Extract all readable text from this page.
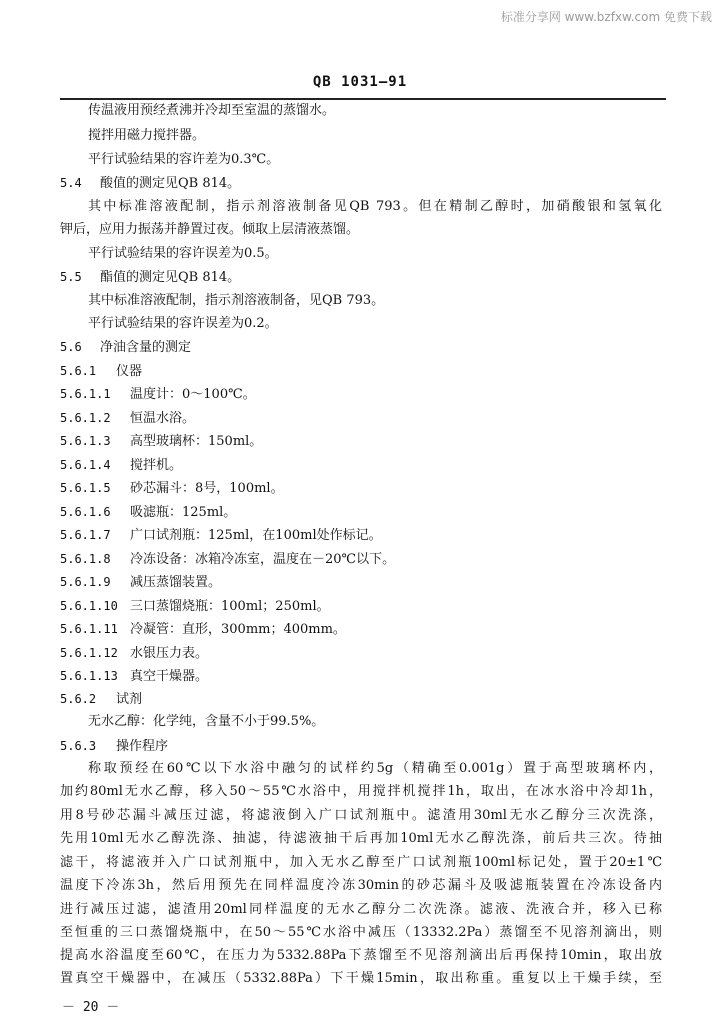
标准分享网 www.bzfxw.com 免费下载
QB 1031—91
传温液用预经煮沸并冷却至室温的蒸馏水。
搅拌用磁力搅拌器。
平行试验结果的容许差为0.3℃。
5.4 酸值的测定见QB 814。
其中标准溶液配制，指示剂溶液制备见QB 793。但在精制乙醇时，加硝酸银和氢氧化
钾后，应用力振荡并静置过夜。倾取上层清液蒸馏。
平行试验结果的容许误差为0.5。
5.5 酯值的测定见QB 814。
其中标准溶液配制，指示剂溶液制备，见QB 793。
平行试验结果的容许误差为0.2。
5.6 净油含量的测定
5.6.1 仪器
5.6.1.1 温度计：0～100℃。
5.6.1.2 恒温水浴。
5.6.1.3 高型玻璃杯：150ml。
5.6.1.4 搅拌机。
5.6.1.5 砂芯漏斗：8号，100ml。
5.6.1.6 吸滤瓶：125ml。
5.6.1.7 广口试剂瓶：125ml，在100ml处作标记。
5.6.1.8 冷冻设备：冰箱冷冻室，温度在－20℃以下。
5.6.1.9 减压蒸馏装置。
5.6.1.10 三口蒸馏烧瓶：100ml；250ml。
5.6.1.11 冷凝管：直形，300mm；400mm。
5.6.1.12 水银压力表。
5.6.1.13 真空干燥器。
5.6.2 试剂
无水乙醇：化学纯，含量不小于99.5%。
5.6.3 操作程序
称取预经在60℃以下水浴中融匀的试样约5g（精确至0.001g）置于高型玻璃杯内，
加约80ml无水乙醇，移入50～55℃水浴中，用搅拌机搅拌1h，取出，在冰水浴中冷却1h，
用8号砂芯漏斗减压过滤，将滤液倒入广口试剂瓶中。滤渣用30ml无水乙醇分三次洗涤，
先用10ml无水乙醇洗涤、抽滤，待滤液抽干后再加10ml无水乙醇洗涤，前后共三次。待抽
滤干，将滤液并入广口试剂瓶中，加入无水乙醇至广口试剂瓶100ml标记处，置于20±1℃
温度下冷冻3h，然后用预先在同样温度冷冻30min的砂芯漏斗及吸滤瓶装置在冷冻设备内
进行减压过滤，滤渣用20ml同样温度的无水乙醇分二次洗涤。滤液、洗液合并，移入已称
至恒重的三口蒸馏烧瓶中，在50～55℃水浴中减压（13332.2Pa）蒸馏至不见溶剂滴出，则
提高水浴温度至60℃，在压力为5332.88Pa下蒸馏至不见溶剂滴出后再保持10min，取出放
置真空干燥器中，在减压（5332.88Pa）下干燥15min，取出称重。重复以上干燥手续，至
－ 20 －
